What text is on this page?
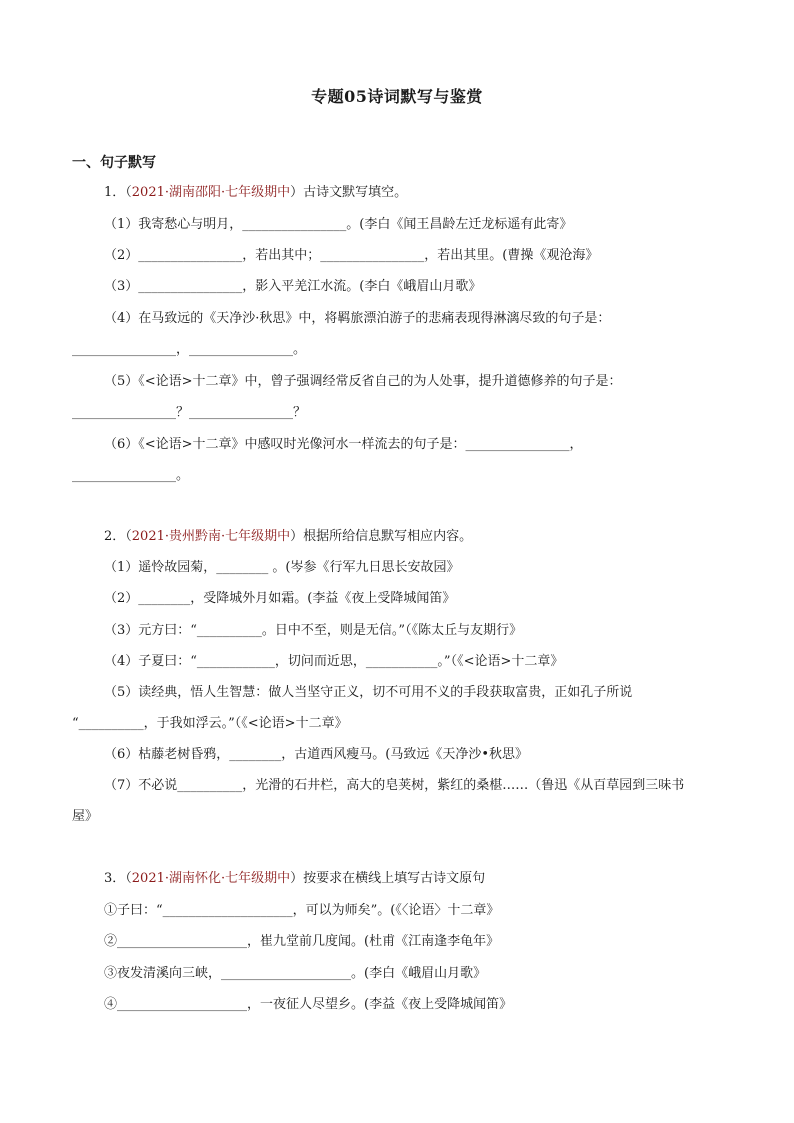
专题05诗词默写与鉴赏
一、句子默写
1．（2021·湖南邵阳·七年级期中）古诗文默写填空。
（1）我寄愁心与明月，________________。(李白《闻王昌龄左迁龙标遥有此寄》
（2）________________，若出其中；________________，若出其里。(曹操《观沧海》
（3）________________，影入平羌江水流。(李白《峨眉山月歌》
（4）在马致远的《天净沙·秋思》中，将羁旅漂泊游子的悲痛表现得淋漓尽致的句子是：
________________，________________。
（5）《<论语>十二章》中，曾子强调经常反省自己的为人处事，提升道德修养的句子是：
________________？________________？
（6）《<论语>十二章》中感叹时光像河水一样流去的句子是：________________，
________________。
2．（2021·贵州黔南·七年级期中）根据所给信息默写相应内容。
（1）遥怜故园菊，________ 。(岑参《行军九日思长安故园》
（2）________，受降城外月如霜。(李益《夜上受降城闻笛》
（3）元方曰：“__________。日中不至，则是无信。”（《陈太丘与友期行》
（4）子夏曰：“____________，切问而近思，___________。”（《<论语>十二章》
（5）读经典，悟人生智慧：做人当坚守正义，切不可用不义的手段获取富贵，正如孔子所说
“__________，于我如浮云。”（《<论语>十二章》
（6）枯藤老树昏鸦，________，古道西风瘦马。(马致远《天净沙•秋思》
（7）不必说__________，光滑的石井栏，高大的皂荚树，紫红的桑椹……（鲁迅《从百草园到三味书
屋》
3．（2021·湖南怀化·七年级期中）按要求在横线上填写古诗文原句
①子曰：“____________________，可以为师矣”。(《〈论语〉十二章》
②____________________，崔九堂前几度闻。(杜甫《江南逢李龟年》
③夜发清溪向三峡，____________________。(李白《峨眉山月歌》
④____________________，一夜征人尽望乡。(李益《夜上受降城闻笛》
